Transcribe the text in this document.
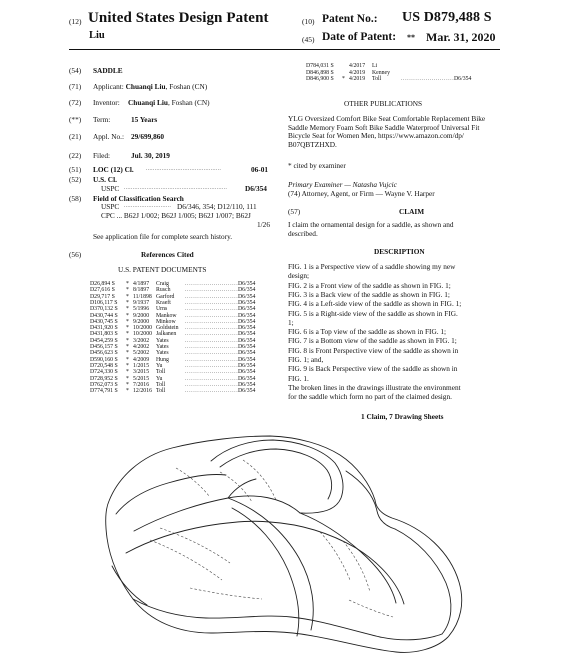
(12) United States Design Patent
Liu
(10) Patent No.: US D879,488 S
(45) Date of Patent: ** Mar. 31, 2020
(54) SADDLE
(71) Applicant: Chuanqi Liu, Foshan (CN)
(72) Inventor: Chuanqi Liu, Foshan (CN)
(**) Term:	15 Years
(21) Appl. No.: 29/699,860
(22) Filed:	Jul. 30, 2019
(51) LOC (12) Cl. ...........................................	06-01
(52) U.S. Cl.
USPC ........................................................... D6/354
(58) Field of Classification Search
USPC ........................... D6/346, 354; D12/110, 111
CPC ... B62J 1/002; B62J 1/005; B62J 1/007; B62J
1/26
See application file for complete search history.
(56)	References Cited
U.S. PATENT DOCUMENTS
D26,894 S * 4/1897 Craig	D6/354
..........................
D27,616 S * 8/1897 Rusch	D6/354
..........................
D29,717 S * 11/1898 Garford	D6/354
..........................
D106,117 S * 9/1937 Kraeft	D6/354
..........................
D370,132 S * 5/1996 Urns	D6/354
..........................
D430,744 S * 9/2000 Mankow	D6/354
..........................
D430,745 S * 9/2000 Minkow	D6/354
..........................
D431,920 S * 10/2000 Goldstein	D6/354
..........................
D431,803 S * 10/2000 Jalkanen	D6/354
..........................
D454,259 S * 3/2002 Yates	D6/354
..........................
D456,157 S * 4/2002 Yates	D6/354
..........................
D456,623 S * 5/2002 Yates	D6/354
..........................
D590,160 S * 4/2009 Hung	D6/354
..........................
D720,548 S * 1/2015 Yu	D6/354
..........................
D724,330 S * 3/2015 Toll	D6/354
..........................
D728,952 S * 5/2015 Yu	D6/354
..........................
D762,073 S * 7/2016 Toll	D6/354
..........................
D774,791 S * 12/2016 Toll	D6/354
..........................
D784,031 S	4/2017 Li
D846,898 S	4/2019 Kenney
D846,900 S * 4/2019 Toll	D6/354
..........................
OTHER PUBLICATIONS
YLG Oversized Comfort Bike Seat Comfortable Replacement Bike
Saddle Memory Foam Soft Bike Saddle Waterproof Universal Fit
Bicycle Seat for Women Men, https://www.amazon.com/dp/
B07QBTZHXD.
* cited by examiner
Primary Examiner — Natasha Vujcic
(74) Attorney, Agent, or Firm — Wayne V. Harper
(57)	CLAIM
I claim the ornamental design for a saddle, as shown and
described.
DESCRIPTION
FIG. 1 is a Perspective view of a saddle showing my new
design;
FIG. 2 is a Front view of the saddle as shown in FIG. 1;
FIG. 3 is a Back view of the saddle as shown in FIG. 1;
FIG. 4 is a Left-side view of the saddle as shown in FIG. 1;
FIG. 5 is a Right-side view of the saddle as shown in FIG.
1;
FIG. 6 is a Top view of the saddle as shown in FIG. 1;
FIG. 7 is a Bottom view of the saddle as shown in FIG. 1;
FIG. 8 is Front Perspective view of the saddle as shown in
FIG. 1; and,
FIG. 9 is Back Perspective view of the saddle as shown in
FIG. 1.
The broken lines in the drawings illustrate the environment
for the saddle which form no part of the claimed design.
1 Claim, 7 Drawing Sheets
